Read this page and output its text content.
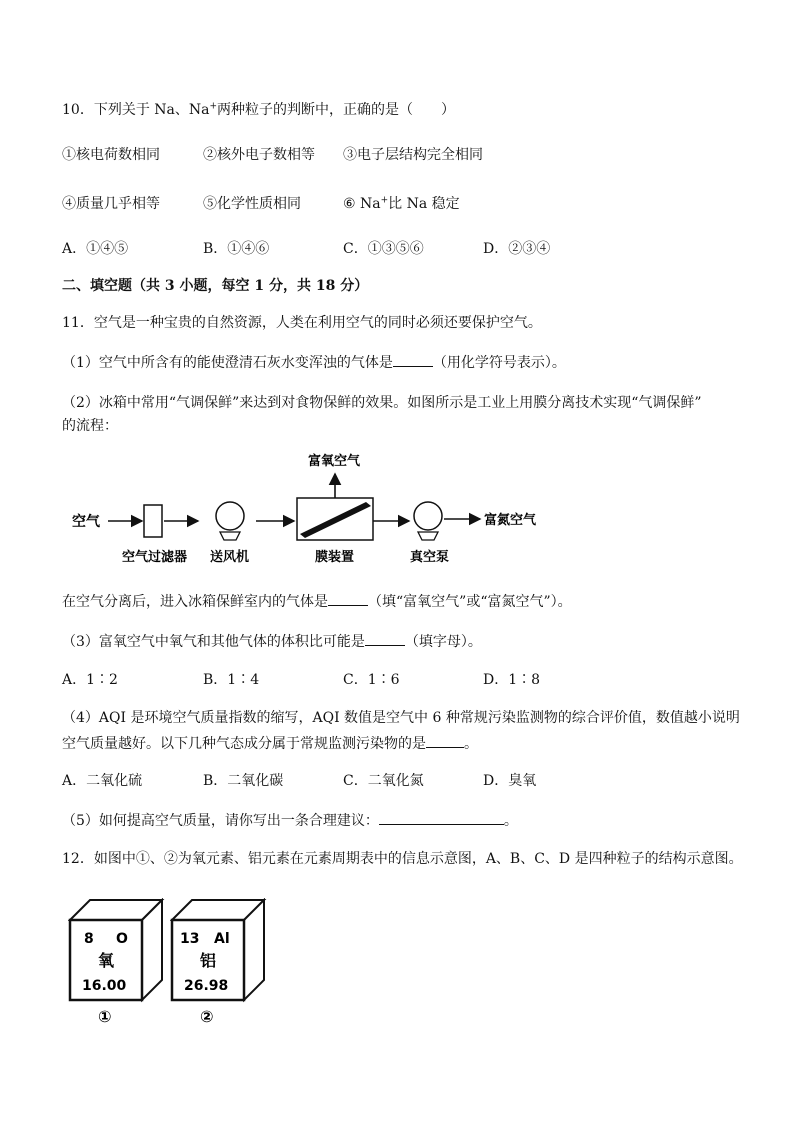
10．下列关于 Na、Na+两种粒子的判断中，正确的是（　　）
①核电荷数相同	②核外电子数相等 ③电子层结构完全相同
④质量几乎相等	⑤化学性质相同	⑥ Na+比 Na 稳定
A．①④⑤	B．①④⑥	C．①③⑤⑥	D．②③④
二、填空题（共 3 小题，每空 1 分，共 18 分）
11．空气是一种宝贵的自然资源，人类在利用空气的同时必须还要保护空气。
（1）空气中所含有的能使澄清石灰水变浑浊的气体是	（用化学符号表示）。
（2）冰箱中常用“气调保鲜”来达到对食物保鲜的效果。如图所示是工业上用膜分离技术实现“气调保鲜”
的流程：
空气
空气过滤器 送风机	膜装置
富氧空气
真空泵
富氮空气
在空气分离后，进入冰箱保鲜室内的气体是	（填“富氧空气”或“富氮空气”）。
（3）富氧空气中氧气和其他气体的体积比可能是	（填字母）。
A．1∶2	B．1∶4	C．1∶6	D．1∶8
（4）AQI 是环境空气质量指数的缩写，AQI 数值是空气中 6 种常规污染监测物的综合评价值，数值越小说明
空气质量越好。以下几种气态成分属于常规监测污染物的是	。
A．二氧化硫	B．二氧化碳	C．二氧化氮	D．臭氧
（5）如何提高空气质量，请你写出一条合理建议：	。
12．如图中①、②为氧元素、铝元素在元素周期表中的信息示意图，A、B、C、D 是四种粒子的结构示意图。
8 O
氧
16.00
①
13 Al
铝
26.98
②
